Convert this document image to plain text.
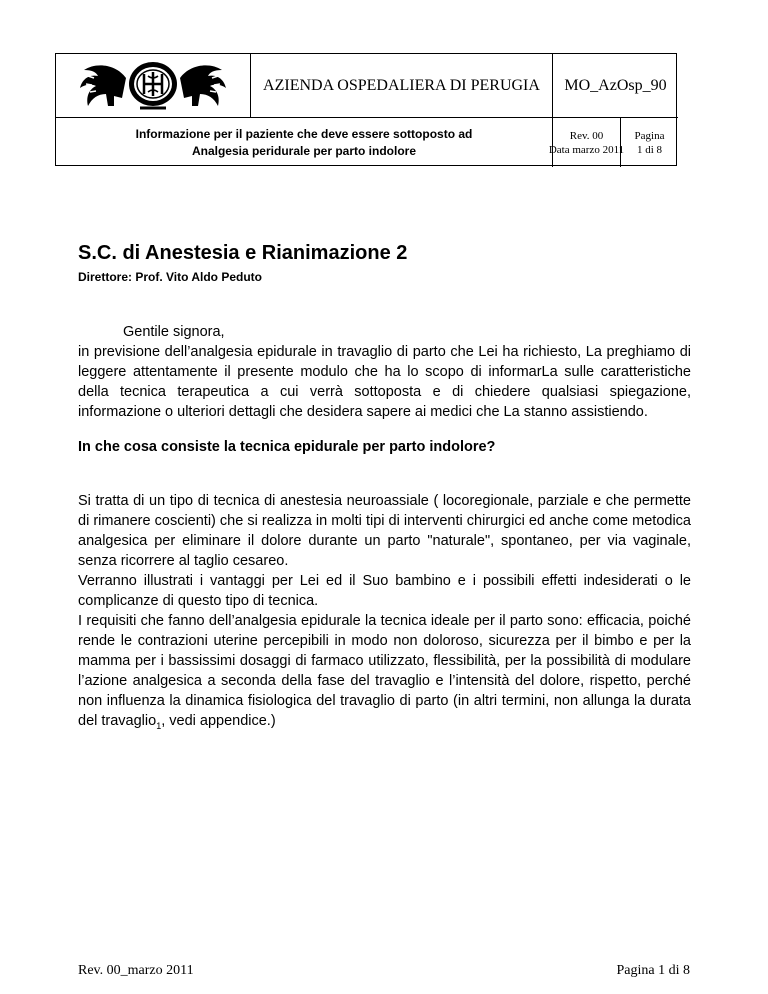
AZIENDA OSPEDALIERA DI PERUGIA	MO_AzOsp_90
Informazione per il paziente che deve essere sottoposto ad
Analgesia peridurale per parto indolore
Rev. 00
Data marzo 2011
Pagina
1 di 8
S.C. di Anestesia e Rianimazione 2

Direttore: Prof. Vito Aldo Peduto

Gentile signora,

in previsione dell’analgesia epidurale in travaglio di parto che Lei ha richiesto, La preghiamo di leggere attentamente il presente modulo che ha lo scopo di informarLa sulle caratteristiche della tecnica terapeutica a cui verrà sottoposta e di chiedere qualsiasi spiegazione, informazione o ulteriori dettagli che desidera sapere ai medici che La stanno assistiendo.

In che cosa consiste la tecnica epidurale per parto indolore?

Si tratta di un tipo di tecnica di anestesia neuroassiale ( locoregionale, parziale e che permette di rimanere coscienti) che si realizza in molti tipi di interventi chirurgici ed anche come metodica analgesica per eliminare il dolore durante un parto "naturale", spontaneo, per via vaginale, senza ricorrere al taglio cesareo.
Verranno illustrati i vantaggi per Lei ed il Suo bambino e i possibili effetti indesiderati o le complicanze di questo tipo di tecnica.
I requisiti che fanno dell’analgesia epidurale la tecnica ideale per il parto sono: efficacia, poiché rende le contrazioni uterine percepibili in modo non doloroso, sicurezza per il bimbo e per la mamma per i bassissimi dosaggi di farmaco utilizzato, flessibilità, per la possibilità di modulare l’azione analgesica a seconda della fase del travaglio e l’intensità del dolore, rispetto, perché non influenza la dinamica fisiologica del travaglio di parto (in altri termini, non allunga la durata del travaglio$_1$, vedi appendice.)
Rev. 00_marzo 2011	Pagina 1 di 8
